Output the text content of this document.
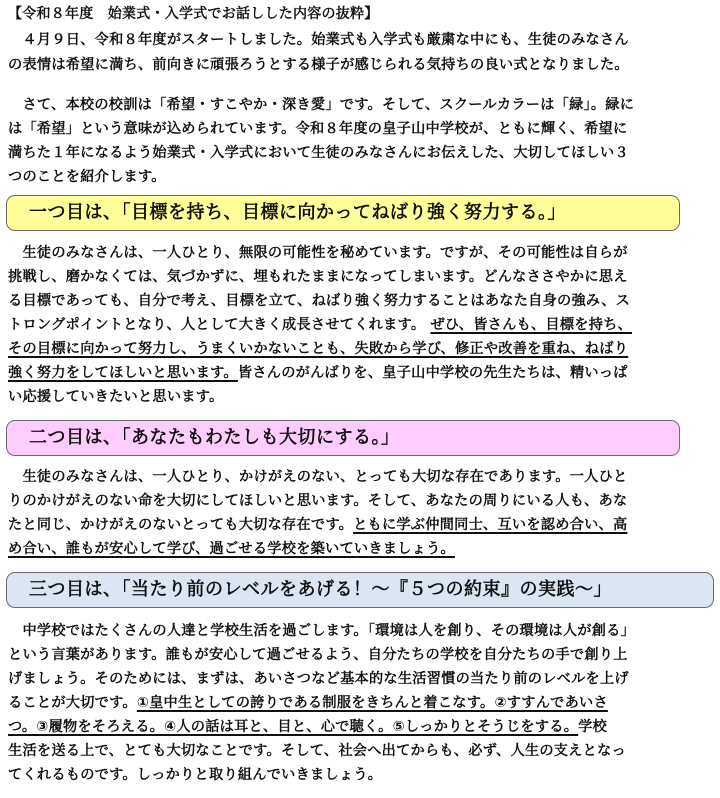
【令和８年度　始業式・入学式でお話しした内容の抜粋】
　４月９日、令和８年度がスタートしました。始業式も入学式も厳粛な中にも、生徒のみなさん
の表情は希望に満ち、前向きに頑張ろうとする様子が感じられる気持ちの良い式となりました。
　さて、本校の校訓は「希望・すこやか・深き愛」です。そして、スクールカラーは「緑」。緑に
は「希望」という意味が込められています。令和８年度の皇子山中学校が、ともに輝く、希望に
満ちた１年になるよう始業式・入学式において生徒のみなさんにお伝えした、大切してほしい３
つのことを紹介します。
一つ目は、「目標を持ち、目標に向かってねばり強く努力する。」
　生徒のみなさんは、一人ひとり、無限の可能性を秘めています。ですが、その可能性は自らが
挑戦し、磨かなくては、気づかずに、埋もれたままになってしまいます。どんなささやかに思え
る目標であっても、自分で考え、目標を立て、ねばり強く努力することはあなた自身の強み、ス
トロングポイントとなり、人として大きく成長させてくれます。 ぜひ、皆さんも、目標を持ち、
その目標に向かって努力し、うまくいかないことも、失敗から学び、修正や改善を重ね、ねばり
強く努力をしてほしいと思います。皆さんのがんばりを、皇子山中学校の先生たちは、精いっぱ
い応援していきたいと思います。
二つ目は、「あなたもわたしも大切にする。」
　生徒のみなさんは、一人ひとり、かけがえのない、とっても大切な存在であります。一人ひと
りのかけがえのない命を大切にしてほしいと思います。そして、あなたの周りにいる人も、あな
たと同じ、かけがえのないとっても大切な存在です。ともに学ぶ仲間同士、互いを認め合い、高
め合い、誰もが安心して学び、過ごせる学校を築いていきましょう。
三つ目は、「当たり前のレベルをあげる！～『５つの約束』の実践～」
　中学校ではたくさんの人達と学校生活を過ごします。「環境は人を創り、その環境は人が創る」
という言葉があります。誰もが安心して過ごせるよう、自分たちの学校を自分たちの手で創り上
げましょう。そのためには、まずは、あいさつなど基本的な生活習慣の当たり前のレベルを上げ
ることが大切です。①皇中生としての誇りである制服をきちんと着こなす。②すすんであいさ
つ。③履物をそろえる。④人の話は耳と、目と、心で聴く。⑤しっかりとそうじをする。学校
生活を送る上で、とても大切なことです。そして、社会へ出てからも、必ず、人生の支えとなっ
てくれるものです。しっかりと取り組んでいきましょう。
